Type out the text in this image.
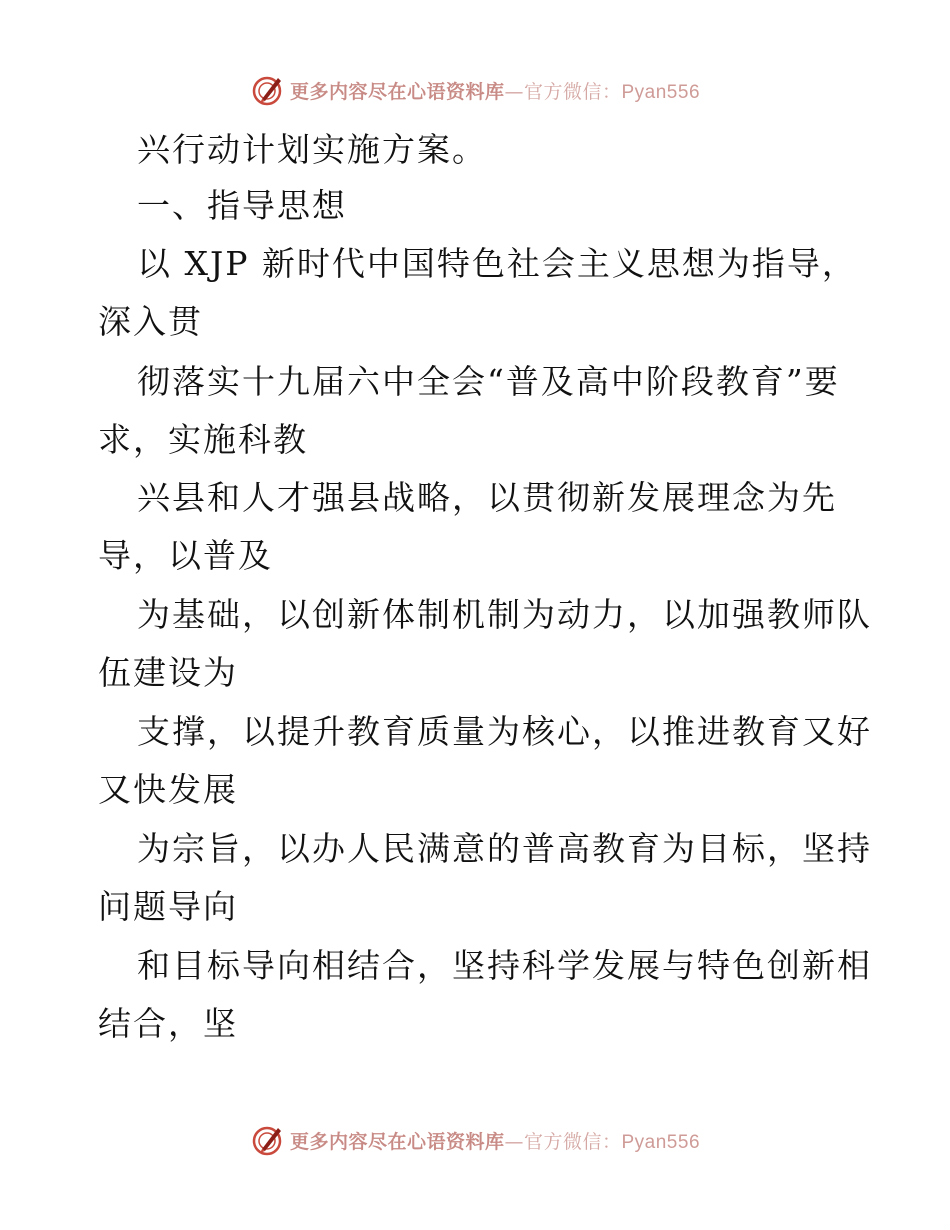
更多内容尽在心语资料库—官方微信：Pyan556
兴行动计划实施方案。
一、指导思想
以 XJP 新时代中国特色社会主义思想为指导，
深入贯
彻落实十九届六中全会“普及高中阶段教育”要
求，实施科教
兴县和人才强县战略，以贯彻新发展理念为先
导，以普及
为基础，以创新体制机制为动力，以加强教师队
伍建设为
支撑，以提升教育质量为核心，以推进教育又好
又快发展
为宗旨，以办人民满意的普高教育为目标，坚持
问题导向
和目标导向相结合，坚持科学发展与特色创新相
结合，坚
更多内容尽在心语资料库—官方微信：Pyan556
